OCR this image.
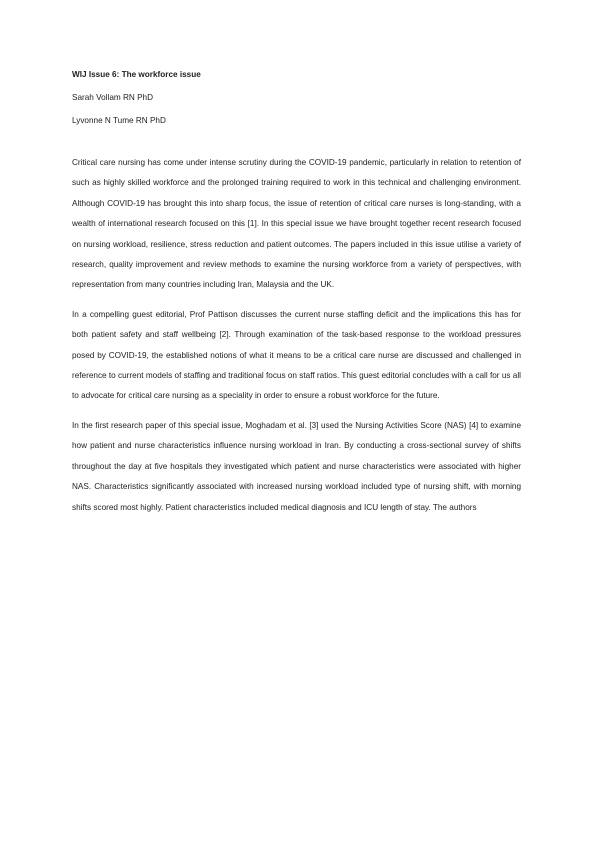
WIJ Issue 6: The workforce issue

Sarah Vollam RN PhD

Lyvonne N Tume RN PhD

Critical care nursing has come under intense scrutiny during the COVID-19 pandemic, particularly in relation to retention of such as highly skilled workforce and the prolonged training required to work in this technical and challenging environment. Although COVID-19 has brought this into sharp focus, the issue of retention of critical care nurses is long-standing, with a wealth of international research focused on this [1]. In this special issue we have brought together recent research focused on nursing workload, resilience, stress reduction and patient outcomes. The papers included in this issue utilise a variety of research, quality improvement and review methods to examine the nursing workforce from a variety of perspectives, with representation from many countries including Iran, Malaysia and the UK.

In a compelling guest editorial, Prof Pattison discusses the current nurse staffing deficit and the implications this has for both patient safety and staff wellbeing [2]. Through examination of the task-based response to the workload pressures posed by COVID-19, the established notions of what it means to be a critical care nurse are discussed and challenged in reference to current models of staffing and traditional focus on staff ratios. This guest editorial concludes with a call for us all to advocate for critical care nursing as a speciality in order to ensure a robust workforce for the future.

In the first research paper of this special issue, Moghadam et al. [3] used the Nursing Activities Score (NAS) [4] to examine how patient and nurse characteristics influence nursing workload in Iran. By conducting a cross-sectional survey of shifts throughout the day at five hospitals they investigated which patient and nurse characteristics were associated with higher NAS. Characteristics significantly associated with increased nursing workload included type of nursing shift, with morning shifts scored most highly. Patient characteristics included medical diagnosis and ICU length of stay. The authors
